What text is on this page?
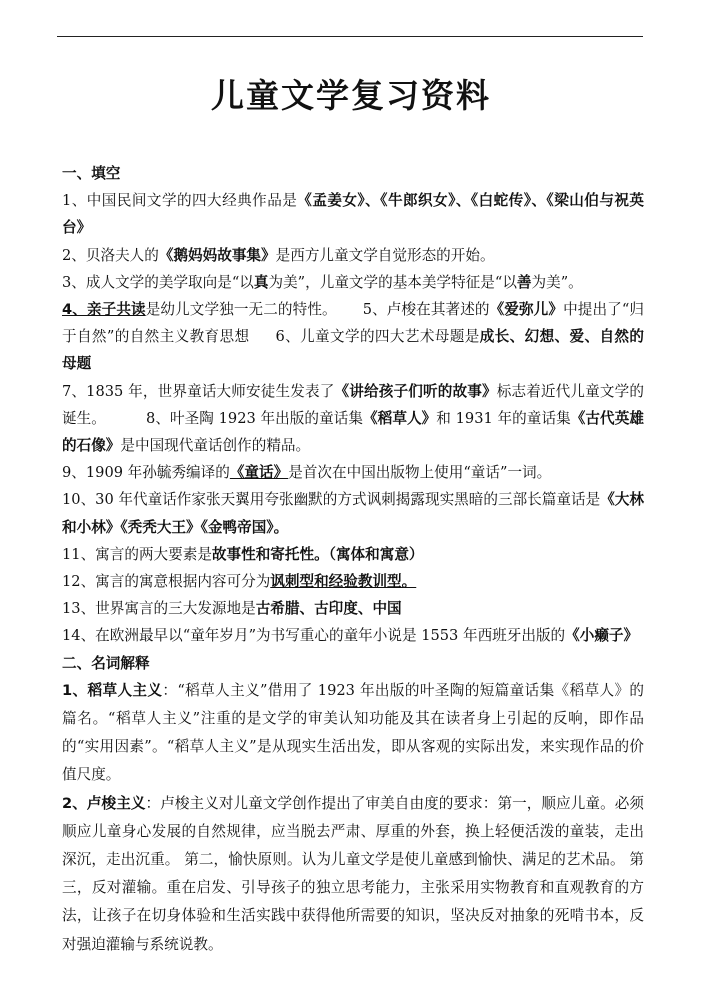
儿童文学复习资料

一、填空

1、中国民间文学的四大经典作品是《孟姜女》、《牛郎织女》、《白蛇传》、《梁山伯与祝英台》

2、贝洛夫人的《鹅妈妈故事集》是西方儿童文学自觉形态的开始。

3、成人文学的美学取向是“以真为美”，儿童文学的基本美学特征是“以善为美”。

4、亲子共读是幼儿文学独一无二的特性。 5、卢梭在其著述的《爱弥儿》中提出了“归于自然”的自然主义教育思想 6、儿童文学的四大艺术母题是成长、幻想、爱、自然的母题

7、1835 年，世界童话大师安徒生发表了《讲给孩子们听的故事》标志着近代儿童文学的诞生。	8、叶圣陶 1923 年出版的童话集《稻草人》和 1931 年的童话集《古代英雄的石像》是中国现代童话创作的精品。

9、1909 年孙毓秀编译的《童话》是首次在中国出版物上使用“童话”一词。

10、30 年代童话作家张天翼用夸张幽默的方式讽刺揭露现实黑暗的三部长篇童话是《大林和小林》《秃秃大王》《金鸭帝国》。

11、寓言的两大要素是故事性和寄托性。（寓体和寓意）

12、寓言的寓意根据内容可分为讽刺型和经验教训型。

13、世界寓言的三大发源地是古希腊、古印度、中国

14、在欧洲最早以“童年岁月”为书写重心的童年小说是 1553 年西班牙出版的《小癞子》

二、名词解释

1、稻草人主义：“稻草人主义”借用了 1923 年出版的叶圣陶的短篇童话集《稻草人》的篇名。“稻草人主义”注重的是文学的审美认知功能及其在读者身上引起的反响，即作品的“实用因素”。“稻草人主义”是从现实生活出发，即从客观的实际出发，来实现作品的价值尺度。

2、卢梭主义：卢梭主义对儿童文学创作提出了审美自由度的要求：第一，顺应儿童。必须顺应儿童身心发展的自然规律，应当脱去严肃、厚重的外套，换上轻便活泼的童装，走出深沉，走出沉重。 第二，愉快原则。认为儿童文学是使儿童感到愉快、满足的艺术品。 第三，反对灌输。重在启发、引导孩子的独立思考能力，主张采用实物教育和直观教育的方法，让孩子在切身体验和生活实践中获得他所需要的知识，坚决反对抽象的死啃书本，反对强迫灌输与系统说教。
